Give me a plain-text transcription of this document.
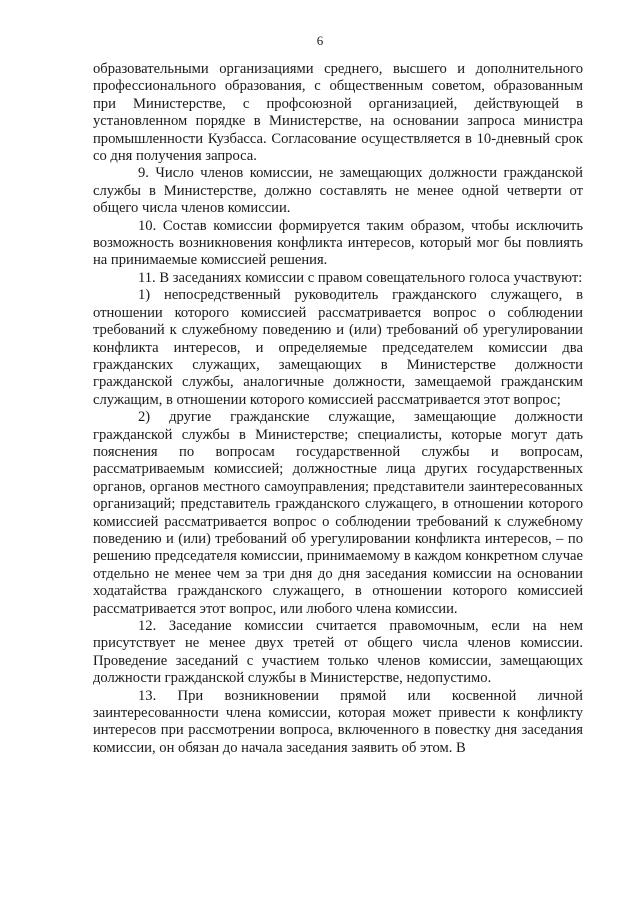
6

образовательными организациями среднего, высшего и дополнительного профессионального образования, с общественным советом, образованным при Министерстве, с профсоюзной организацией, действующей в установленном порядке в Министерстве, на основании запроса министра промышленности Кузбасса. Согласование осуществляется в 10-дневный срок со дня получения запроса.

9. Число членов комиссии, не замещающих должности гражданской службы в Министерстве, должно составлять не менее одной четверти от общего числа членов комиссии.

10. Состав комиссии формируется таким образом, чтобы исключить возможность возникновения конфликта интересов, который мог бы повлиять на принимаемые комиссией решения.

11. В заседаниях комиссии с правом совещательного голоса участвуют:

1) непосредственный руководитель гражданского служащего, в отношении которого комиссией рассматривается вопрос о соблюдении требований к служебному поведению и (или) требований об урегулировании конфликта интересов, и определяемые председателем комиссии два гражданских служащих, замещающих в Министерстве должности гражданской службы, аналогичные должности, замещаемой гражданским служащим, в отношении которого комиссией рассматривается этот вопрос;

2) другие гражданские служащие, замещающие должности гражданской службы в Министерстве; специалисты, которые могут дать пояснения по вопросам государственной службы и вопросам, рассматриваемым комиссией; должностные лица других государственных органов, органов местного самоуправления; представители заинтересованных организаций; представитель гражданского служащего, в отношении которого комиссией рассматривается вопрос о соблюдении требований к служебному поведению и (или) требований об урегулировании конфликта интересов, – по решению председателя комиссии, принимаемому в каждом конкретном случае отдельно не менее чем за три дня до дня заседания комиссии на основании ходатайства гражданского служащего, в отношении которого комиссией рассматривается этот вопрос, или любого члена комиссии.

12. Заседание комиссии считается правомочным, если на нем присутствует не менее двух третей от общего числа членов комиссии. Проведение заседаний с участием только членов комиссии, замещающих должности гражданской службы в Министерстве, недопустимо.

13. При возникновении прямой или косвенной личной заинтересованности члена комиссии, которая может привести к конфликту интересов при рассмотрении вопроса, включенного в повестку дня заседания комиссии, он обязан до начала заседания заявить об этом. В
